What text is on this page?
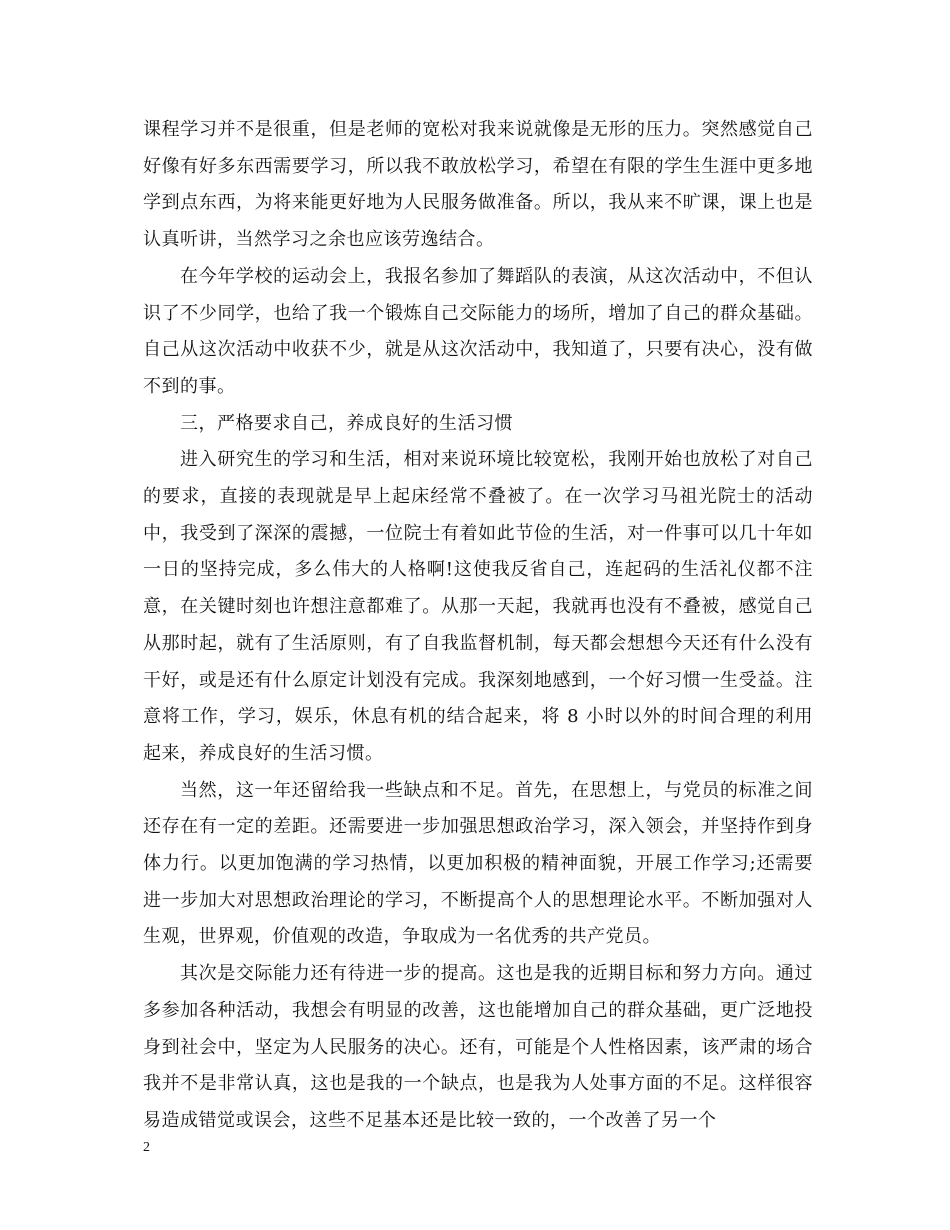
课程学习并不是很重，但是老师的宽松对我来说就像是无形的压力。突然感觉自己好像有好多东西需要学习，所以我不敢放松学习，希望在有限的学生生涯中更多地学到点东西，为将来能更好地为人民服务做准备。所以，我从来不旷课，课上也是认真听讲，当然学习之余也应该劳逸结合。

在今年学校的运动会上，我报名参加了舞蹈队的表演，从这次活动中，不但认识了不少同学，也给了我一个锻炼自己交际能力的场所，增加了自己的群众基础。自己从这次活动中收获不少，就是从这次活动中，我知道了，只要有决心，没有做不到的事。

三，严格要求自己，养成良好的生活习惯

进入研究生的学习和生活，相对来说环境比较宽松，我刚开始也放松了对自己的要求，直接的表现就是早上起床经常不叠被了。在一次学习马祖光院士的活动中，我受到了深深的震撼，一位院士有着如此节俭的生活，对一件事可以几十年如一日的坚持完成，多么伟大的人格啊!这使我反省自己，连起码的生活礼仪都不注意，在关键时刻也许想注意都难了。从那一天起，我就再也没有不叠被，感觉自己从那时起，就有了生活原则，有了自我监督机制，每天都会想想今天还有什么没有干好，或是还有什么原定计划没有完成。我深刻地感到，一个好习惯一生受益。注意将工作，学习，娱乐，休息有机的结合起来，将 8 小时以外的时间合理的利用起来，养成良好的生活习惯。

当然，这一年还留给我一些缺点和不足。首先，在思想上，与党员的标准之间还存在有一定的差距。还需要进一步加强思想政治学习，深入领会，并坚持作到身体力行。以更加饱满的学习热情，以更加积极的精神面貌，开展工作学习;还需要进一步加大对思想政治理论的学习，不断提高个人的思想理论水平。不断加强对人生观，世界观，价值观的改造，争取成为一名优秀的共产党员。

其次是交际能力还有待进一步的提高。这也是我的近期目标和努力方向。通过多参加各种活动，我想会有明显的改善，这也能增加自己的群众基础，更广泛地投身到社会中，坚定为人民服务的决心。还有，可能是个人性格因素，该严肃的场合我并不是非常认真，这也是我的一个缺点，也是我为人处事方面的不足。这样很容易造成错觉或误会，这些不足基本还是比较一致的，一个改善了另一个

2
